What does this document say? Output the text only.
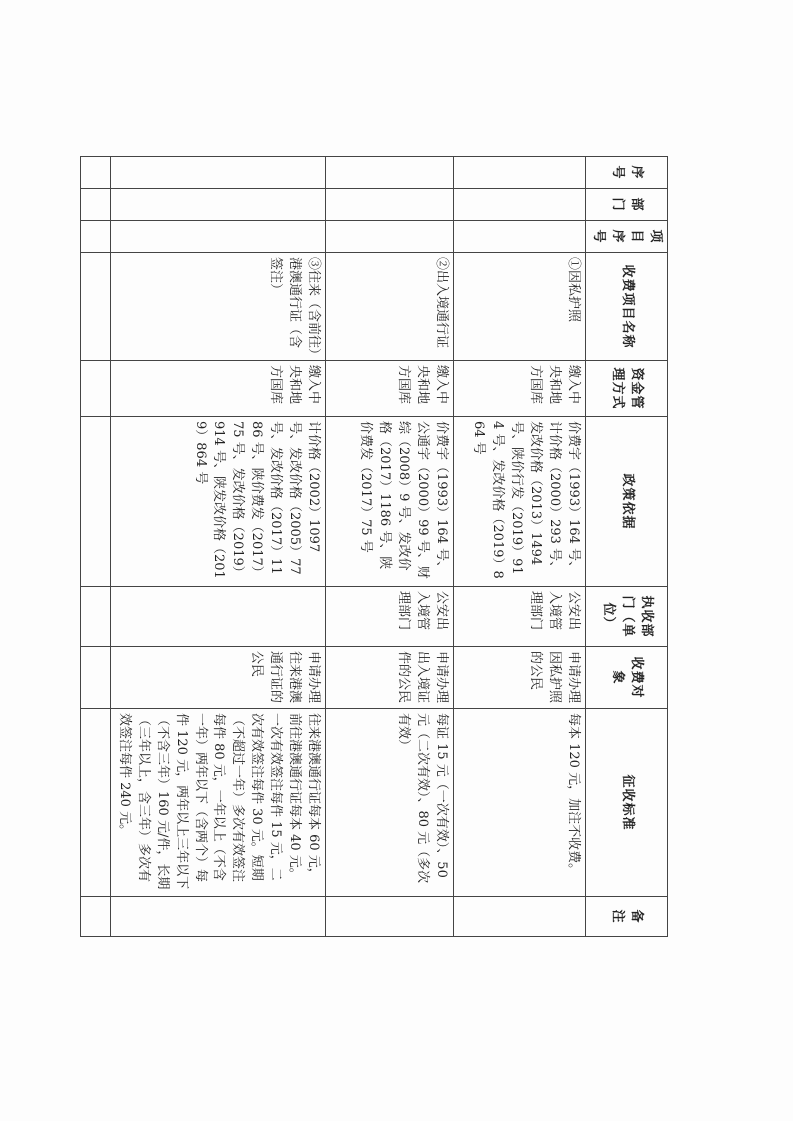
序号	部门	项目序号	收费项目名称	资金管理方式	政策依据	执收部门（单位）	收费对象	征收标准	备　注
			①因私护照	缴入中央和地方国库	价费字（1993）164 号、计价格（2000）293 号、发改价格（2013）1494 号、陕价行发（2019）914 号、发改价格（2019）864 号	公安出入境管理部门	申请办理因私护照的公民	每本 120 元，加注不收费。	
			②出入境通行证	缴入中央和地方国库	价费字（1993）164 号、公通字（2000）99 号、财综（2008）9 号、发改价格（2017）1186 号、陕价费发（2017）75 号	公安出入境管理部门	申请办理出入境证件的公民	每证 15 元（一次有效）、50 元（二次有效）、80 元（多次有效）	
			③往来（含前往）港澳通行证（含签注）	缴入中央和地方国库	计价格（2002）1097 号、发改价格（2005）77 号、发改价格（2017）1186 号、陕价费发（2017）75 号、发改价格（2019）914 号、陕发改价格（2019）864 号		申请办理往来港澳通行证的公民	往来港澳通行证每本 60 元，前往港澳通行证每本 40 元。一次有效签注每件 15 元，二次有效签注每件 30 元。短期（不超过一年）多次有效签注每件 80 元，一年以上（不含一年）两年以下（含两个）每件 120 元，两年以上三年以下（不含三年）160 元/件，长期（三年以上，含三年）多次有效签注每件 240 元。	
